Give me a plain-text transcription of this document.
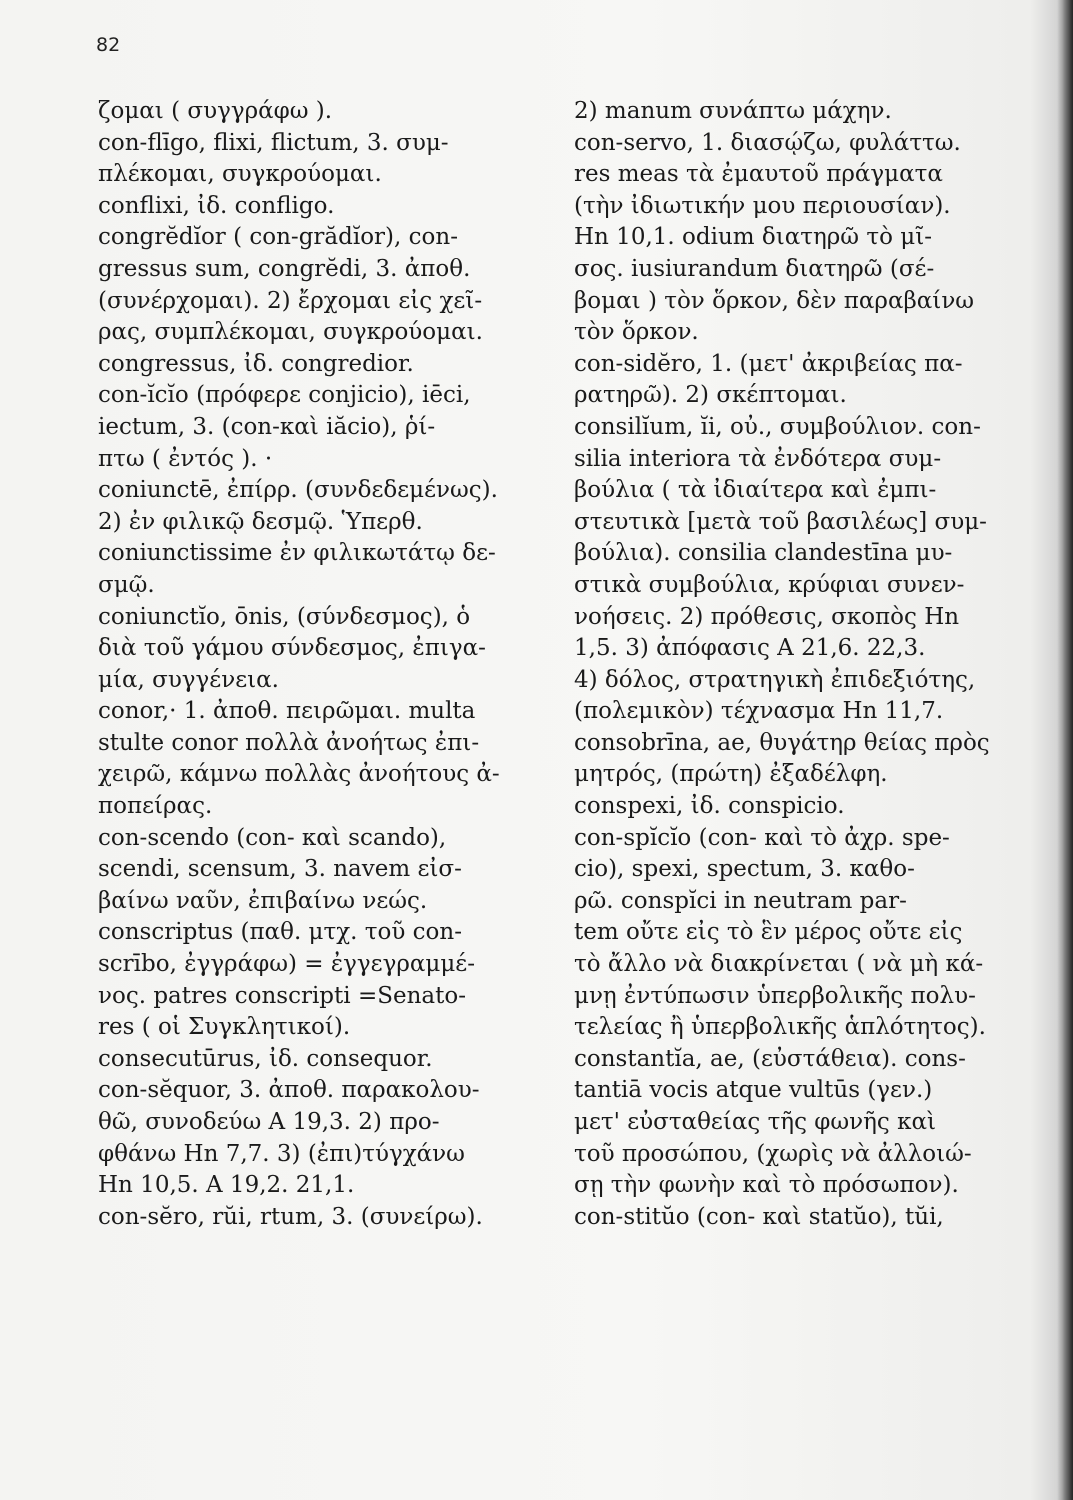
82
ζομαι ( συγγράφω ).
con-flīgo, flixi, flictum, 3. συμ-
πλέκομαι, συγκρούομαι.
conflixi, ἰδ. confligo.
congrĕdĭor ( con-grădĭor), con-
gressus sum, congrĕdi, 3. ἀποθ.
(συνέρχομαι). 2) ἔρχομαι εἰς χεῖ-
ρας, συμπλέκομαι, συγκρούομαι.
congressus, ἰδ. congredior.
con-ĭcĭo (πρόφερε conjicio), iēci,
iectum, 3. (con-καὶ iăcio), ῥί-
πτω ( ἐντός ). ·
coniunctē, ἐπίρρ. (συνδεδεμένως).
2) ἐν φιλικῷ δεσμῷ. Ὑπερθ.
coniunctissime ἐν φιλικωτάτῳ δε-
σμῷ.
coniunctĭo, ōnis, (σύνδεσμος), ὁ
διὰ τοῦ γάμου σύνδεσμος, ἐπιγα-
μία, συγγένεια.
conor,· 1. ἀποθ. πειρῶμαι. multa
stulte conor πολλὰ ἀνοήτως ἐπι-
χειρῶ, κάμνω πολλὰς ἀνοήτους ἀ-
ποπείρας.
con-scendo (con- καὶ scando),
scendi, scensum, 3. navem εἰσ-
βαίνω ναῦν, ἐπιβαίνω νεώς.
conscriptus (παθ. μτχ. τοῦ con-
scrībo, ἐγγράφω) = ἐγγεγραμμέ-
νος. patres conscripti =Senato-
res ( οἱ Συγκλητικοί).
consecutūrus, ἰδ. consequor.
con-sĕquor, 3. ἀποθ. παρακολου-
θῶ, συνοδεύω A 19,3. 2) προ-
φθάνω Hn 7,7. 3) (ἐπι)τύγχάνω
Hn 10,5. A 19,2. 21,1.
con-sĕro, rŭi, rtum, 3. (συνείρω).
2) manum συνάπτω μάχην.
con-servo, 1. διασῴζω, φυλάττω.
res meas τὰ ἐμαυτοῦ πράγματα
(τὴν ἰδιωτικήν μου περιουσίαν).
Hn 10,1. odium διατηρῶ τὸ μῖ-
σος. iusiurandum διατηρῶ (σέ-
βομαι ) τὸν ὅρκον, δὲν παραβαίνω
τὸν ὅρκον.
con-sidĕro, 1. (μετ' ἀκριβείας πα-
ρατηρῶ). 2) σκέπτομαι.
consilĭum, ĭi, οὐ., συμβούλιον. con-
silia interiora τὰ ἐνδότερα συμ-
βούλια ( τὰ ἰδιαίτερα καὶ ἐμπι-
στευτικὰ [μετὰ τοῦ βασιλέως] συμ-
βούλια). consilia clandestīna μυ-
στικὰ συμβούλια, κρύφιαι συνεν-
νοήσεις. 2) πρόθεσις, σκοπὸς Hn
1,5. 3) ἀπόφασις A 21,6. 22,3.
4) δόλος, στρατηγικὴ ἐπιδεξιότης,
(πολεμικὸν) τέχνασμα Hn 11,7.
consobrīna, ae, θυγάτηρ θείας πρὸς
μητρός, (πρώτη) ἐξαδέλφη.
conspexi, ἰδ. conspicio.
con-spĭcĭo (con- καὶ τὸ ἀχρ. spe-
cio), spexi, spectum, 3. καθο-
ρῶ. conspĭci in neutram par-
tem οὔτε εἰς τὸ ἓν μέρος οὔτε εἰς
τὸ ἄλλο νὰ διακρίνεται ( νὰ μὴ κά-
μνῃ ἐντύπωσιν ὑπερβολικῆς πολυ-
τελείας ἢ ὑπερβολικῆς ἁπλότητος).
constantĭa, ae, (εὐστάθεια). cons-
tantiā vocis atque vultūs (γεν.)
μετ' εὐσταθείας τῆς φωνῆς καὶ
τοῦ προσώπου, (χωρὶς νὰ ἀλλοιώ-
σῃ τὴν φωνὴν καὶ τὸ πρόσωπον).
con-stitŭo (con- καὶ statŭo), tŭi,
